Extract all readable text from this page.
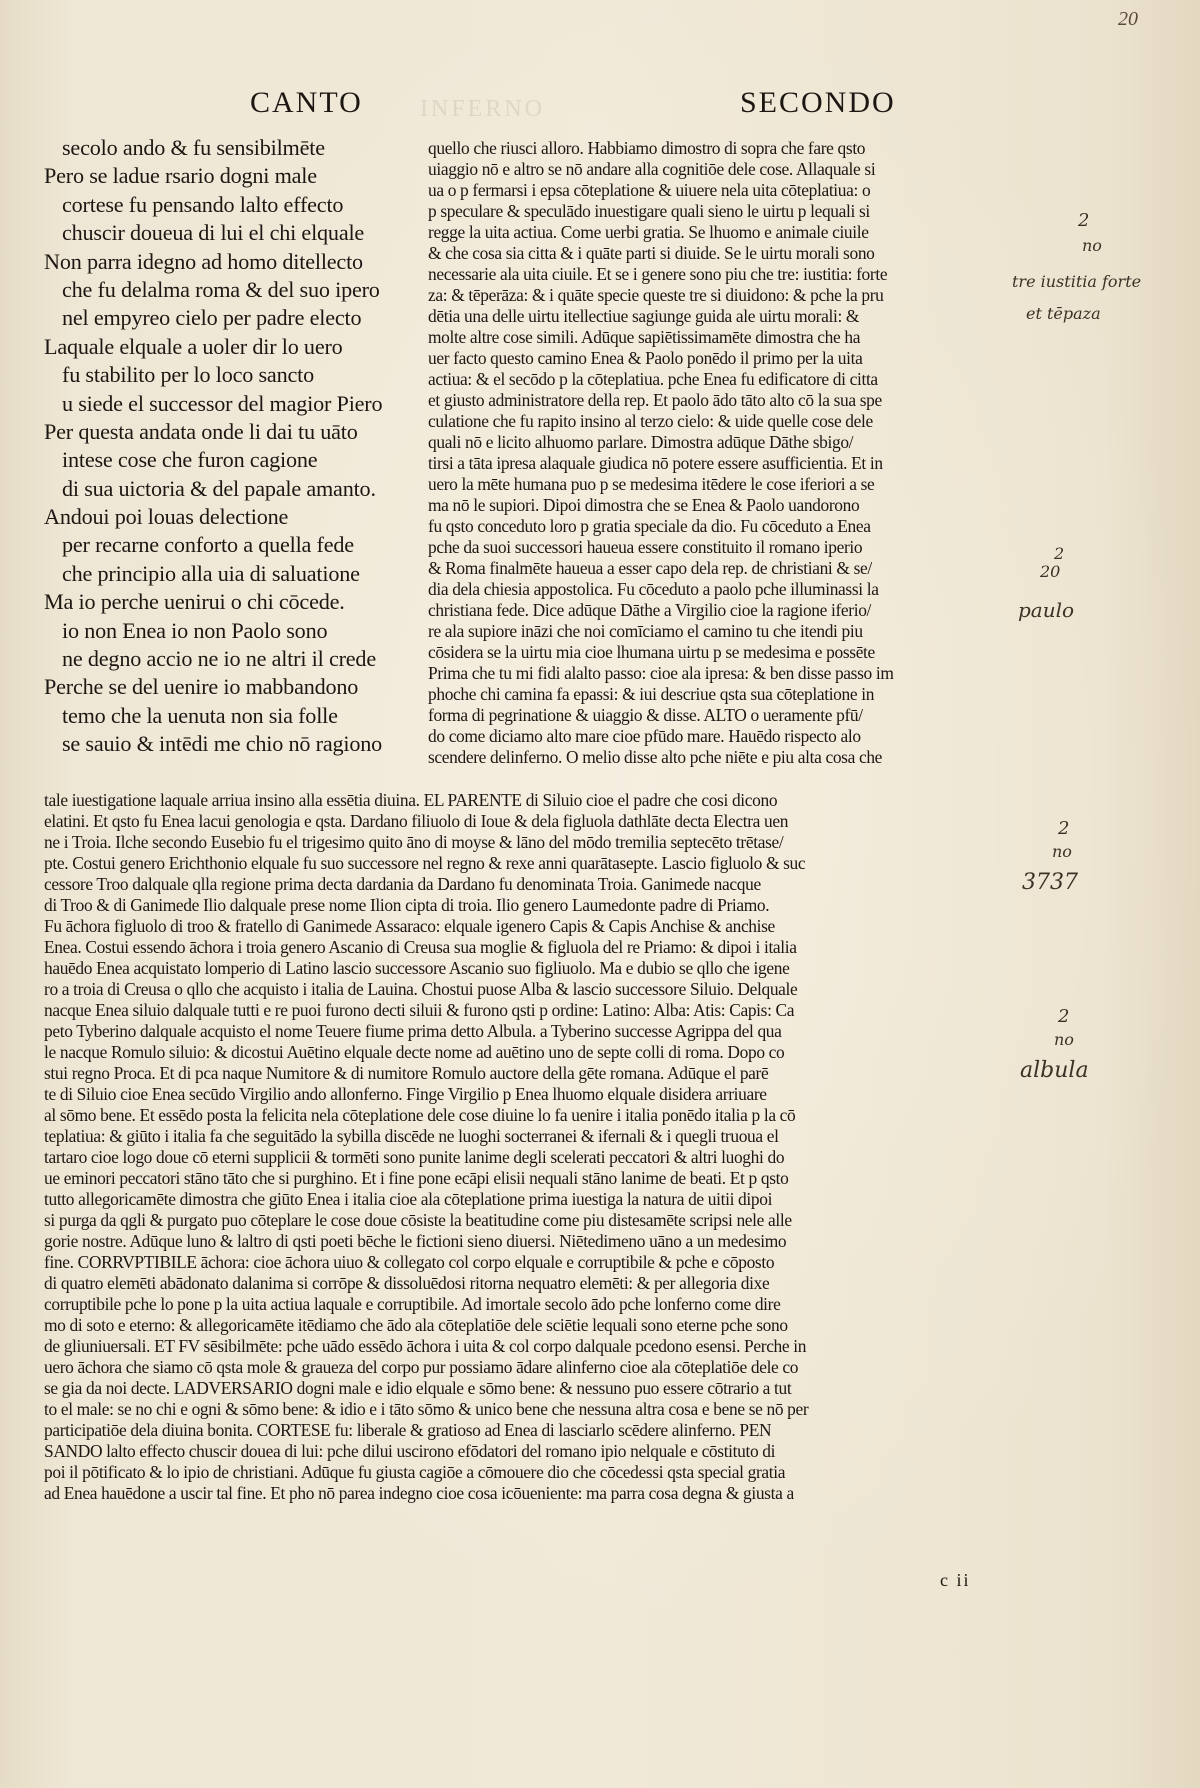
20
INFERNO
CANTO	SECONDO
secolo ando & fu sensibilmēte
Pero se ladue rsario dogni male
cortese fu pensando lalto effecto
chuscir doueua di lui el chi elquale
Non parra idegno ad homo ditellecto
che fu delalma roma & del suo ipero
nel empyreo cielo per padre electo
Laquale elquale a uoler dir lo uero
fu stabilito per lo loco sancto
u siede el successor del magior Piero
Per questa andata onde li dai tu uāto
intese cose che furon cagione
di sua uictoria & del papale amanto.
Andoui poi louas delectione
per recarne conforto a quella fede
che principio alla uia di saluatione
Ma io perche uenirui o chi cōcede.
io non Enea io non Paolo sono
ne degno accio ne io ne altri il crede
Perche se del uenire io mabbandono
temo che la uenuta non sia folle
se sauio & intēdi me chio nō ragiono
quello che riusci alloro. Habbiamo dimostro di sopra che fare qsto
uiaggio nō e altro se nō andare alla cognitiōe dele cose. Allaquale si
ua o p fermarsi i epsa cōteplatione & uiuere nela uita cōteplatiua: o
p speculare & speculādo inuestigare quali sieno le uirtu p lequali si
regge la uita actiua. Come uerbi gratia. Se lhuomo e animale ciuile
& che cosa sia citta & i quāte parti si diuide. Se le uirtu morali sono
necessarie ala uita ciuile. Et se i genere sono piu che tre: iustitia: forte
za: & tēperāza: & i quāte specie queste tre si diuidono: & pche la pru
dētia una delle uirtu itellectiue sagiunge guida ale uirtu morali: &
molte altre cose simili. Adūque sapiētissimamēte dimostra che ha
uer facto questo camino Enea & Paolo ponēdo il primo per la uita
actiua: & el secōdo p la cōteplatiua. pche Enea fu edificatore di citta
et giusto administratore della rep. Et paolo ādo tāto alto cō la sua spe
culatione che fu rapito insino al terzo cielo: & uide quelle cose dele
quali nō e licito alhuomo parlare. Dimostra adūque Dāthe sbigo/
tirsi a tāta ipresa alaquale giudica nō potere essere asufficientia. Et in
uero la mēte humana puo p se medesima itēdere le cose iferiori a se
ma nō le supiori. Dipoi dimostra che se Enea & Paolo uandorono
fu qsto conceduto loro p gratia speciale da dio. Fu cōceduto a Enea
pche da suoi successori haueua essere constituito il romano iperio
& Roma finalmēte haueua a esser capo dela rep. de christiani & se/
dia dela chiesia appostolica. Fu cōceduto a paolo pche illuminassi la
christiana fede. Dice adūque Dāthe a Virgilio cioe la ragione iferio/
re ala supiore ināzi che noi comīciamo el camino tu che itendi piu
cōsidera se la uirtu mia cioe lhumana uirtu p se medesima e possēte
Prima che tu mi fidi alalto passo: cioe ala ipresa: & ben disse passo im
phoche chi camina fa epassi: & iui descriue qsta sua cōteplatione in
forma di pegrinatione & uiaggio & disse. ALTO o ueramente pfū/
do come diciamo alto mare cioe pfūdo mare. Hauēdo rispecto alo
scendere delinferno. O melio disse alto pche niēte e piu alta cosa che
tale iuestigatione laquale arriua insino alla essētia diuina. EL PARENTE di Siluio cioe el padre che cosi dicono
elatini. Et qsto fu Enea lacui genologia e qsta. Dardano filiuolo di Ioue & dela figluola dathlāte decta Electra uen
ne i Troia. Ilche secondo Eusebio fu el trigesimo quito āno di moyse & lāno del mōdo tremilia septecēto trētase/
pte. Costui genero Erichthonio elquale fu suo successore nel regno & rexe anni quarātasepte. Lascio figluolo & suc
cessore Troo dalquale qlla regione prima decta dardania da Dardano fu denominata Troia. Ganimede nacque
di Troo & di Ganimede Ilio dalquale prese nome Ilion cipta di troia. Ilio genero Laumedonte padre di Priamo.
Fu āchora figluolo di troo & fratello di Ganimede Assaraco: elquale igenero Capis & Capis Anchise & anchise
Enea. Costui essendo āchora i troia genero Ascanio di Creusa sua moglie & figluola del re Priamo: & dipoi i italia
hauēdo Enea acquistato lomperio di Latino lascio successore Ascanio suo figliuolo. Ma e dubio se qllo che igene
ro a troia di Creusa o qllo che acquisto i italia de Lauina. Chostui puose Alba & lascio successore Siluio. Delquale
nacque Enea siluio dalquale tutti e re puoi furono decti siluii & furono qsti p ordine: Latino: Alba: Atis: Capis: Ca
peto Tyberino dalquale acquisto el nome Teuere fiume prima detto Albula. a Tyberino successe Agrippa del qua
le nacque Romulo siluio: & dicostui Auētino elquale decte nome ad auētino uno de septe colli di roma. Dopo co
stui regno Proca. Et di pca naque Numitore & di numitore Romulo auctore della gēte romana. Adūque el parē
te di Siluio cioe Enea secūdo Virgilio ando allonferno. Finge Virgilio p Enea lhuomo elquale disidera arriuare
al sōmo bene. Et essēdo posta la felicita nela cōteplatione dele cose diuine lo fa uenire i italia ponēdo italia p la cō
teplatiua: & giūto i italia fa che seguitādo la sybilla discēde ne luoghi socterranei & ifernali & i quegli truoua el
tartaro cioe logo doue cō eterni supplicii & tormēti sono punite lanime degli scelerati peccatori & altri luoghi do
ue eminori peccatori stāno tāto che si purghino. Et i fine pone ecāpi elisii nequali stāno lanime de beati. Et p qsto
tutto allegoricamēte dimostra che giūto Enea i italia cioe ala cōteplatione prima iuestiga la natura de uitii dipoi
si purga da qgli & purgato puo cōteplare le cose doue cōsiste la beatitudine come piu distesamēte scripsi nele alle
gorie nostre. Adūque luno & laltro di qsti poeti bēche le fictioni sieno diuersi. Niētedimeno uāno a un medesimo
fine. CORRVPTIBILE āchora: cioe āchora uiuo & collegato col corpo elquale e corruptibile & pche e cōposto
di quatro elemēti abādonato dalanima si corrōpe & dissoluēdosi ritorna nequatro elemēti: & per allegoria dixe
corruptibile pche lo pone p la uita actiua laquale e corruptibile. Ad imortale secolo ādo pche lonferno come dire
mo di soto e eterno: & allegoricamēte itēdiamo che ādo ala cōteplatiōe dele sciētie lequali sono eterne pche sono
de gliuniuersali. ET FV sēsibilmēte: pche uādo essēdo āchora i uita & col corpo dalquale pcedono esensi. Perche in
uero āchora che siamo cō qsta mole & graueza del corpo pur possiamo ādare alinferno cioe ala cōteplatiōe dele co
se gia da noi decte. LADVERSARIO dogni male e idio elquale e sōmo bene: & nessuno puo essere cōtrario a tut
to el male: se no chi e ogni & sōmo bene: & idio e i tāto sōmo & unico bene che nessuna altra cosa e bene se nō per
participatiōe dela diuina bonita. CORTESE fu: liberale & gratioso ad Enea di lasciarlo scēdere alinferno. PEN
SANDO lalto effecto chuscir douea di lui: pche dilui uscirono efōdatori del romano ipio nelquale e cōstituto di
poi il pōtificato & lo ipio de christiani. Adūque fu giusta cagiōe a cōmouere dio che cōcedessi qsta special gratia
ad Enea hauēdone a uscir tal fine. Et pho nō parea indegno cioe cosa icōueniente: ma parra cosa degna & giusta a
c ii
2
no
tre iustitia forte
et tēpaza
2
20
paulo
2
no
3737
2
no
albula
